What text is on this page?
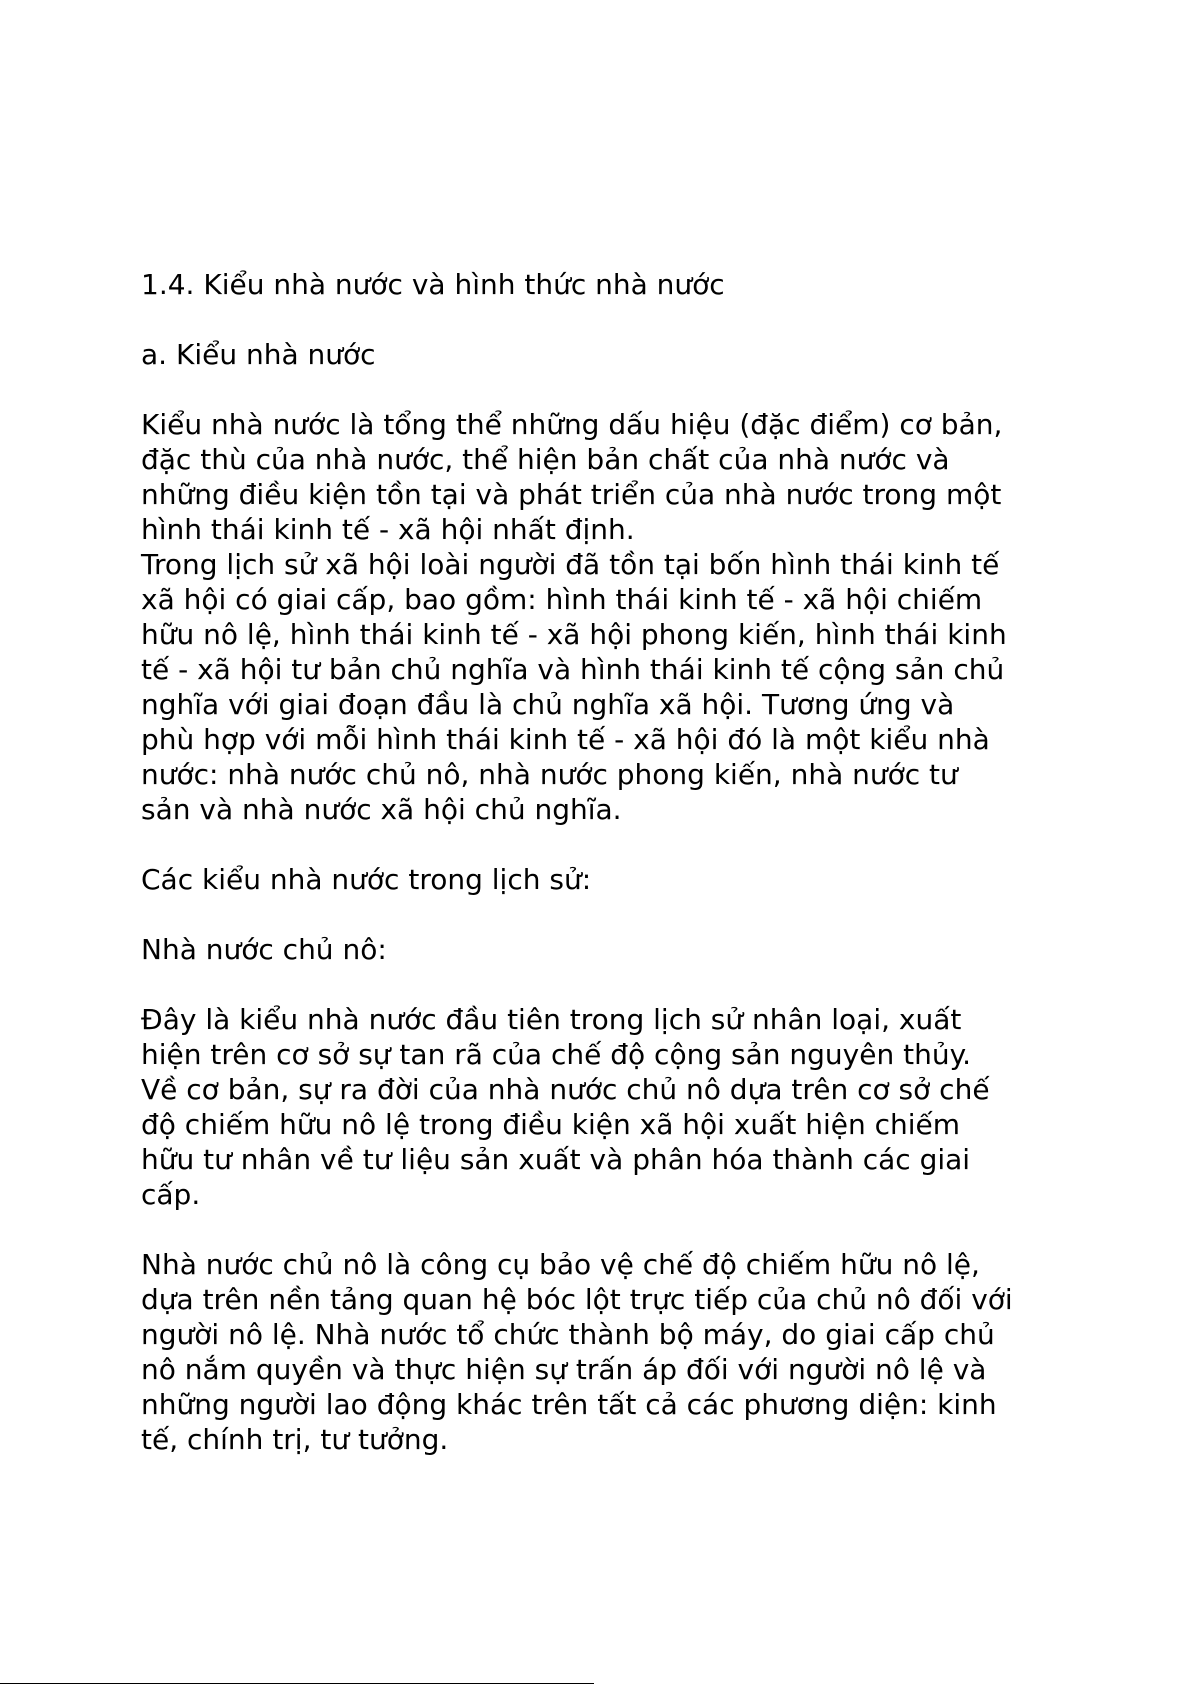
1.4. Kiểu nhà nước và hình thức nhà nước

a. Kiểu nhà nước

Kiểu nhà nước là tổng thể những dấu hiệu (đặc điểm) cơ bản,
đặc thù của nhà nước, thể hiện bản chất của nhà nước và
những điều kiện tồn tại và phát triển của nhà nước trong một
hình thái kinh tế - xã hội nhất định.

Trong lịch sử xã hội loài người đã tồn tại bốn hình thái kinh tế
xã hội có giai cấp, bao gồm: hình thái kinh tế - xã hội chiếm
hữu nô lệ, hình thái kinh tế - xã hội phong kiến, hình thái kinh
tế - xã hội tư bản chủ nghĩa và hình thái kinh tế cộng sản chủ
nghĩa với giai đoạn đầu là chủ nghĩa xã hội. Tương ứng và
phù hợp với mỗi hình thái kinh tế - xã hội đó là một kiểu nhà
nước: nhà nước chủ nô, nhà nước phong kiến, nhà nước tư
sản và nhà nước xã hội chủ nghĩa.

Các kiểu nhà nước trong lịch sử:

Nhà nước chủ nô:

Đây là kiểu nhà nước đầu tiên trong lịch sử nhân loại, xuất
hiện trên cơ sở sự tan rã của chế độ cộng sản nguyên thủy.
Về cơ bản, sự ra đời của nhà nước chủ nô dựa trên cơ sở chế
độ chiếm hữu nô lệ trong điều kiện xã hội xuất hiện chiếm
hữu tư nhân về tư liệu sản xuất và phân hóa thành các giai
cấp.

Nhà nước chủ nô là công cụ bảo vệ chế độ chiếm hữu nô lệ,
dựa trên nền tảng quan hệ bóc lột trực tiếp của chủ nô đối với
người nô lệ. Nhà nước tổ chức thành bộ máy, do giai cấp chủ
nô nắm quyền và thực hiện sự trấn áp đối với người nô lệ và
những người lao động khác trên tất cả các phương diện: kinh
tế, chính trị, tư tưởng.
